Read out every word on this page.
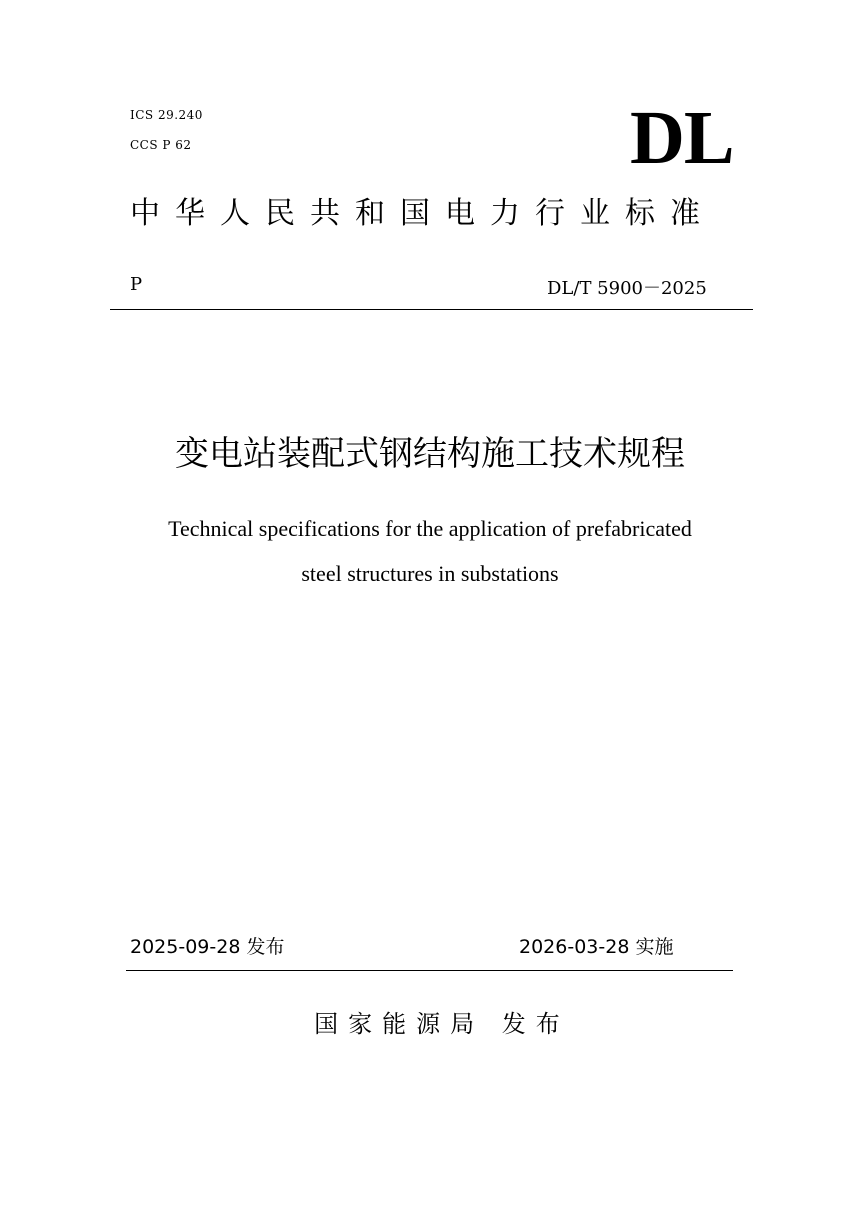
ICS 29.240
CCS P 62	DL
中华人民共和国电力行业标准
P	DL/T 5900－2025
变电站装配式钢结构施工技术规程
Technical specifications for the application of prefabricated
steel structures in substations
2025-09-28 发布	2026-03-28 实施
国家能源局 发布
